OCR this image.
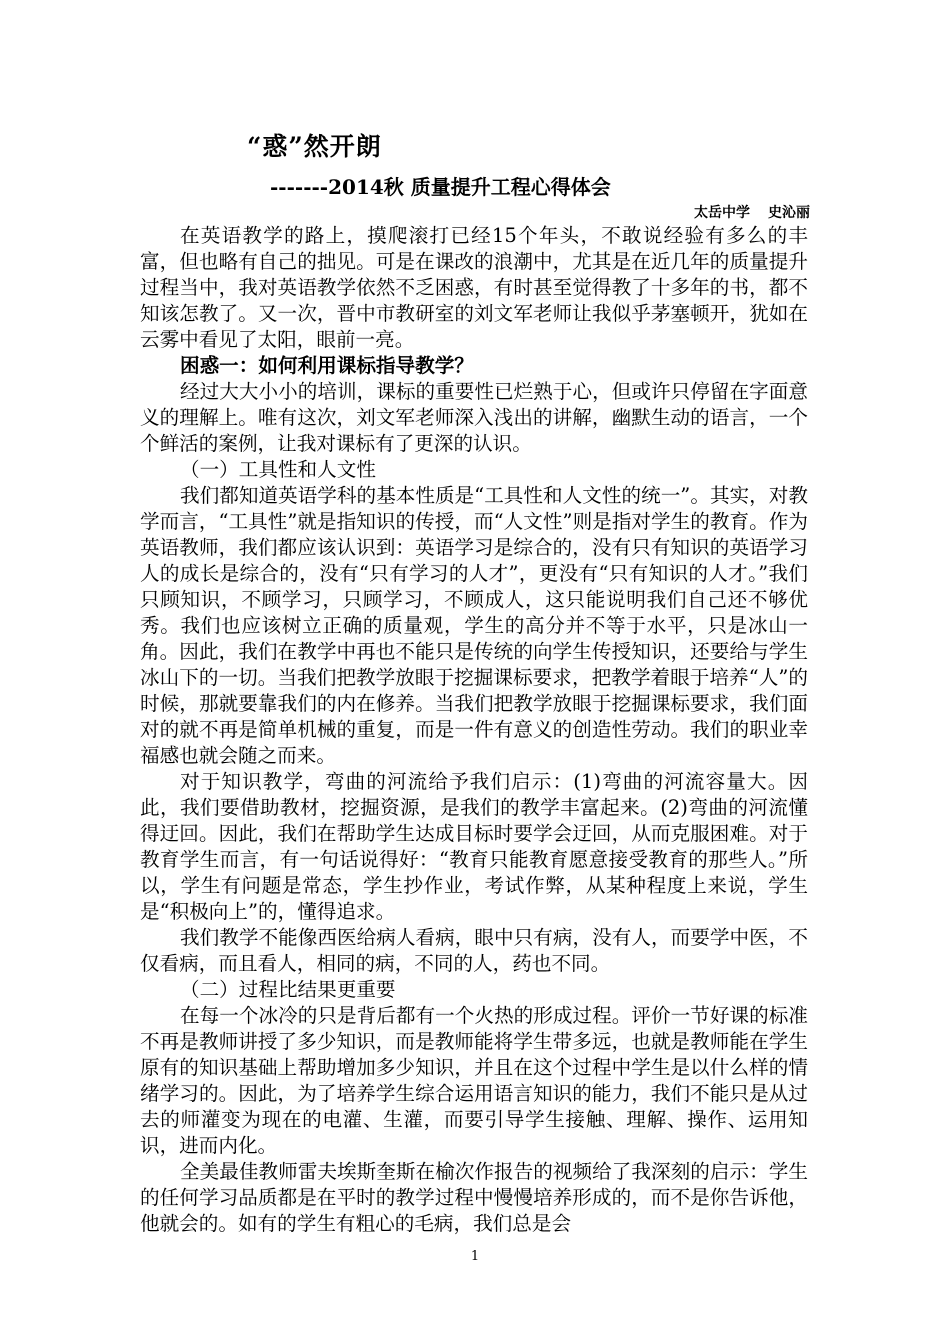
“惑”然开朗
-------2014秋 质量提升工程心得体会
太岳中学 史沁丽

在英语教学的路上，摸爬滚打已经15个年头，不敢说经验有多么的丰富，但也略有自己的拙见。可是在课改的浪潮中，尤其是在近几年的质量提升过程当中，我对英语教学依然不乏困惑，有时甚至觉得教了十多年的书，都不知该怎教了。又一次，晋中市教研室的刘文军老师让我似乎茅塞顿开，犹如在云雾中看见了太阳，眼前一亮。

困惑一：如何利用课标指导教学？

经过大大小小的培训，课标的重要性已烂熟于心，但或许只停留在字面意义的理解上。唯有这次，刘文军老师深入浅出的讲解，幽默生动的语言，一个个鲜活的案例，让我对课标有了更深的认识。

（一）工具性和人文性

我们都知道英语学科的基本性质是“工具性和人文性的统一”。其实，对教学而言，“工具性”就是指知识的传授，而“人文性”则是指对学生的教育。作为英语教师，我们都应该认识到：英语学习是综合的，没有只有知识的英语学习人的成长是综合的，没有“只有学习的人才”，更没有“只有知识的人才。”我们只顾知识，不顾学习，只顾学习，不顾成人，这只能说明我们自己还不够优秀。我们也应该树立正确的质量观，学生的高分并不等于水平，只是冰山一角。因此，我们在教学中再也不能只是传统的向学生传授知识，还要给与学生冰山下的一切。当我们把教学放眼于挖掘课标要求，把教学着眼于培养“人”的时候，那就要靠我们的内在修养。当我们把教学放眼于挖掘课标要求，我们面对的就不再是简单机械的重复，而是一件有意义的创造性劳动。我们的职业幸福感也就会随之而来。

对于知识教学，弯曲的河流给予我们启示：(1)弯曲的河流容量大。因此，我们要借助教材，挖掘资源，是我们的教学丰富起来。(2)弯曲的河流懂得迂回。因此，我们在帮助学生达成目标时要学会迂回，从而克服困难。对于教育学生而言，有一句话说得好：“教育只能教育愿意接受教育的那些人。”所以，学生有问题是常态，学生抄作业，考试作弊，从某种程度上来说，学生是“积极向上”的，懂得追求。

我们教学不能像西医给病人看病，眼中只有病，没有人，而要学中医，不仅看病，而且看人，相同的病，不同的人，药也不同。

（二）过程比结果更重要

在每一个冰冷的只是背后都有一个火热的形成过程。评价一节好课的标准不再是教师讲授了多少知识，而是教师能将学生带多远，也就是教师能在学生原有的知识基础上帮助增加多少知识，并且在这个过程中学生是以什么样的情绪学习的。因此，为了培养学生综合运用语言知识的能力，我们不能只是从过去的师灌变为现在的电灌、生灌，而要引导学生接触、理解、操作、运用知识，进而内化。

全美最佳教师雷夫埃斯奎斯在榆次作报告的视频给了我深刻的启示：学生的任何学习品质都是在平时的教学过程中慢慢培养形成的，而不是你告诉他，他就会的。如有的学生有粗心的毛病，我们总是会

1
